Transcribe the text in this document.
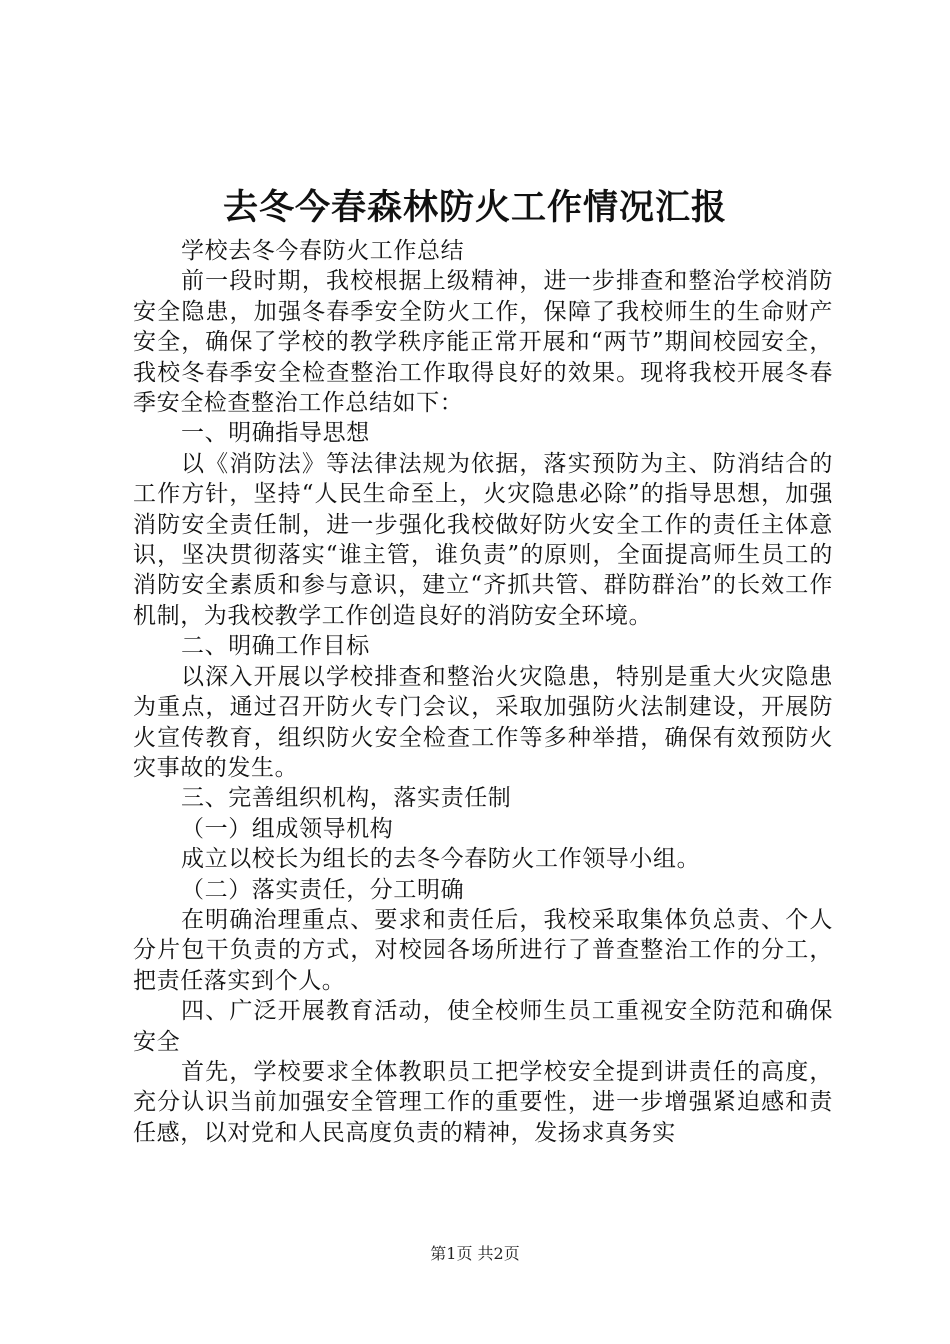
去冬今春森林防火工作情况汇报

学校去冬今春防火工作总结

前一段时期，我校根据上级精神，进一步排查和整治学校消防安全隐患，加强冬春季安全防火工作，保障了我校师生的生命财产安全，确保了学校的教学秩序能正常开展和“两节”期间校园安全，我校冬春季安全检查整治工作取得良好的效果。现将我校开展冬春季安全检查整治工作总结如下：

一、明确指导思想

以《消防法》等法律法规为依据，落实预防为主、防消结合的工作方针，坚持“人民生命至上，火灾隐患必除”的指导思想，加强消防安全责任制，进一步强化我校做好防火安全工作的责任主体意识，坚决贯彻落实“谁主管，谁负责”的原则，全面提高师生员工的消防安全素质和参与意识，建立“齐抓共管、群防群治”的长效工作机制，为我校教学工作创造良好的消防安全环境。

二、明确工作目标

以深入开展以学校排查和整治火灾隐患，特别是重大火灾隐患为重点，通过召开防火专门会议，采取加强防火法制建设，开展防火宣传教育，组织防火安全检查工作等多种举措，确保有效预防火灾事故的发生。

三、完善组织机构，落实责任制

（一）组成领导机构

成立以校长为组长的去冬今春防火工作领导小组。

（二）落实责任，分工明确

在明确治理重点、要求和责任后，我校采取集体负总责、个人分片包干负责的方式，对校园各场所进行了普查整治工作的分工，把责任落实到个人。

四、广泛开展教育活动，使全校师生员工重视安全防范和确保安全

首先，学校要求全体教职员工把学校安全提到讲责任的高度，充分认识当前加强安全管理工作的重要性，进一步增强紧迫感和责任感，以对党和人民高度负责的精神，发扬求真务实

第1页 共2页
